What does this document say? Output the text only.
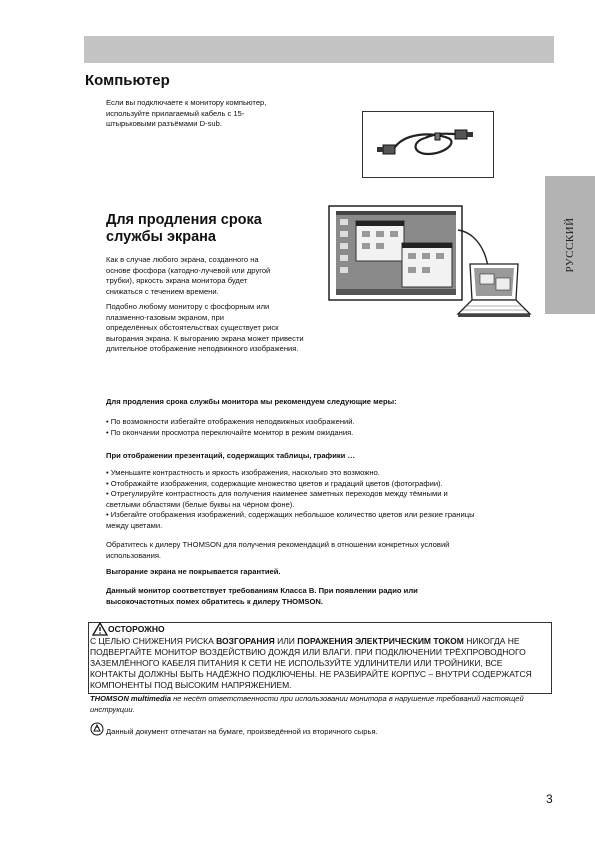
РУССКИЙ
Компьютер

Если вы подключаете к монитору компьютер,

используйте прилагаемый кабель с 15-

штырьковыми разъёмами D-sub.

Для продления срока
службы экрана

Как в случае любого экрана, созданного на

основе фосфора (катодно-лучевой или другой

трубки), яркость экрана монитора будет

снижаться с течением времени.

Подобно любому монитору с фосфорным или

плазменно-газовым экраном, при

определённых обстоятельствах существует риск

выгорания экрана. К выгоранию экрана может привести

длительное отображение неподвижного изображения.

Для продления срока службы монитора мы рекомендуем следующие меры:

• По возможности избегайте отображения неподвижных изображений.

• По окончании просмотра переключайте монитор в режим ожидания.

При отображении презентаций, содержащих таблицы, графики …

• Уменьшите контрастность и яркость изображения, насколько это возможно.

• Отображайте изображения, содержащие множество цветов и градаций цветов (фотографии).

• Отрегулируйте контрастность для получения наименее заметных переходов между тёмными и

светлыми областями (белые буквы на чёрном фоне).

• Избегайте отображения изображений, содержащих небольшое количество цветов или резкие границы

между цветами.

Обратитесь к дилеру THOMSON для получения рекомендаций в отношении конкретных условий

использования.

Выгорание экрана не покрывается гарантией.

Данный монитор соответствует требованиям Класса B. При появлении радио или

высокочастотных помех обратитесь к дилеру THOMSON.

ОСТОРОЖНО

С ЦЕЛЬЮ СНИЖЕНИЯ РИСКА ВОЗГОРАНИЯ ИЛИ ПОРАЖЕНИЯ ЭЛЕКТРИЧЕСКИМ ТОКОМ НИКОГДА НЕ ПОДВЕРГАЙТЕ МОНИТОР ВОЗДЕЙСТВИЮ ДОЖДЯ ИЛИ ВЛАГИ. ПРИ ПОДКЛЮЧЕНИИ ТРЁХПРОВОДНОГО ЗАЗЕМЛЁННОГО КАБЕЛЯ ПИТАНИЯ К СЕТИ НЕ ИСПОЛЬЗУЙТЕ УДЛИНИТЕЛИ ИЛИ ТРОЙНИКИ, ВСЕ КОНТАКТЫ ДОЛЖНЫ БЫТЬ НАДЁЖНО ПОДКЛЮЧЕНЫ. НЕ РАЗБИРАЙТЕ КОРПУС – ВНУТРИ СОДЕРЖАТСЯ КОМПОНЕНТЫ ПОД ВЫСОКИМ НАПРЯЖЕНИЕМ.

THOMSON multimedia не несёт ответственности при использовании монитора в нарушение требований настоящей инструкции.

Данный документ отпечатан на бумаге, произведённой из вторичного сырья.
3
